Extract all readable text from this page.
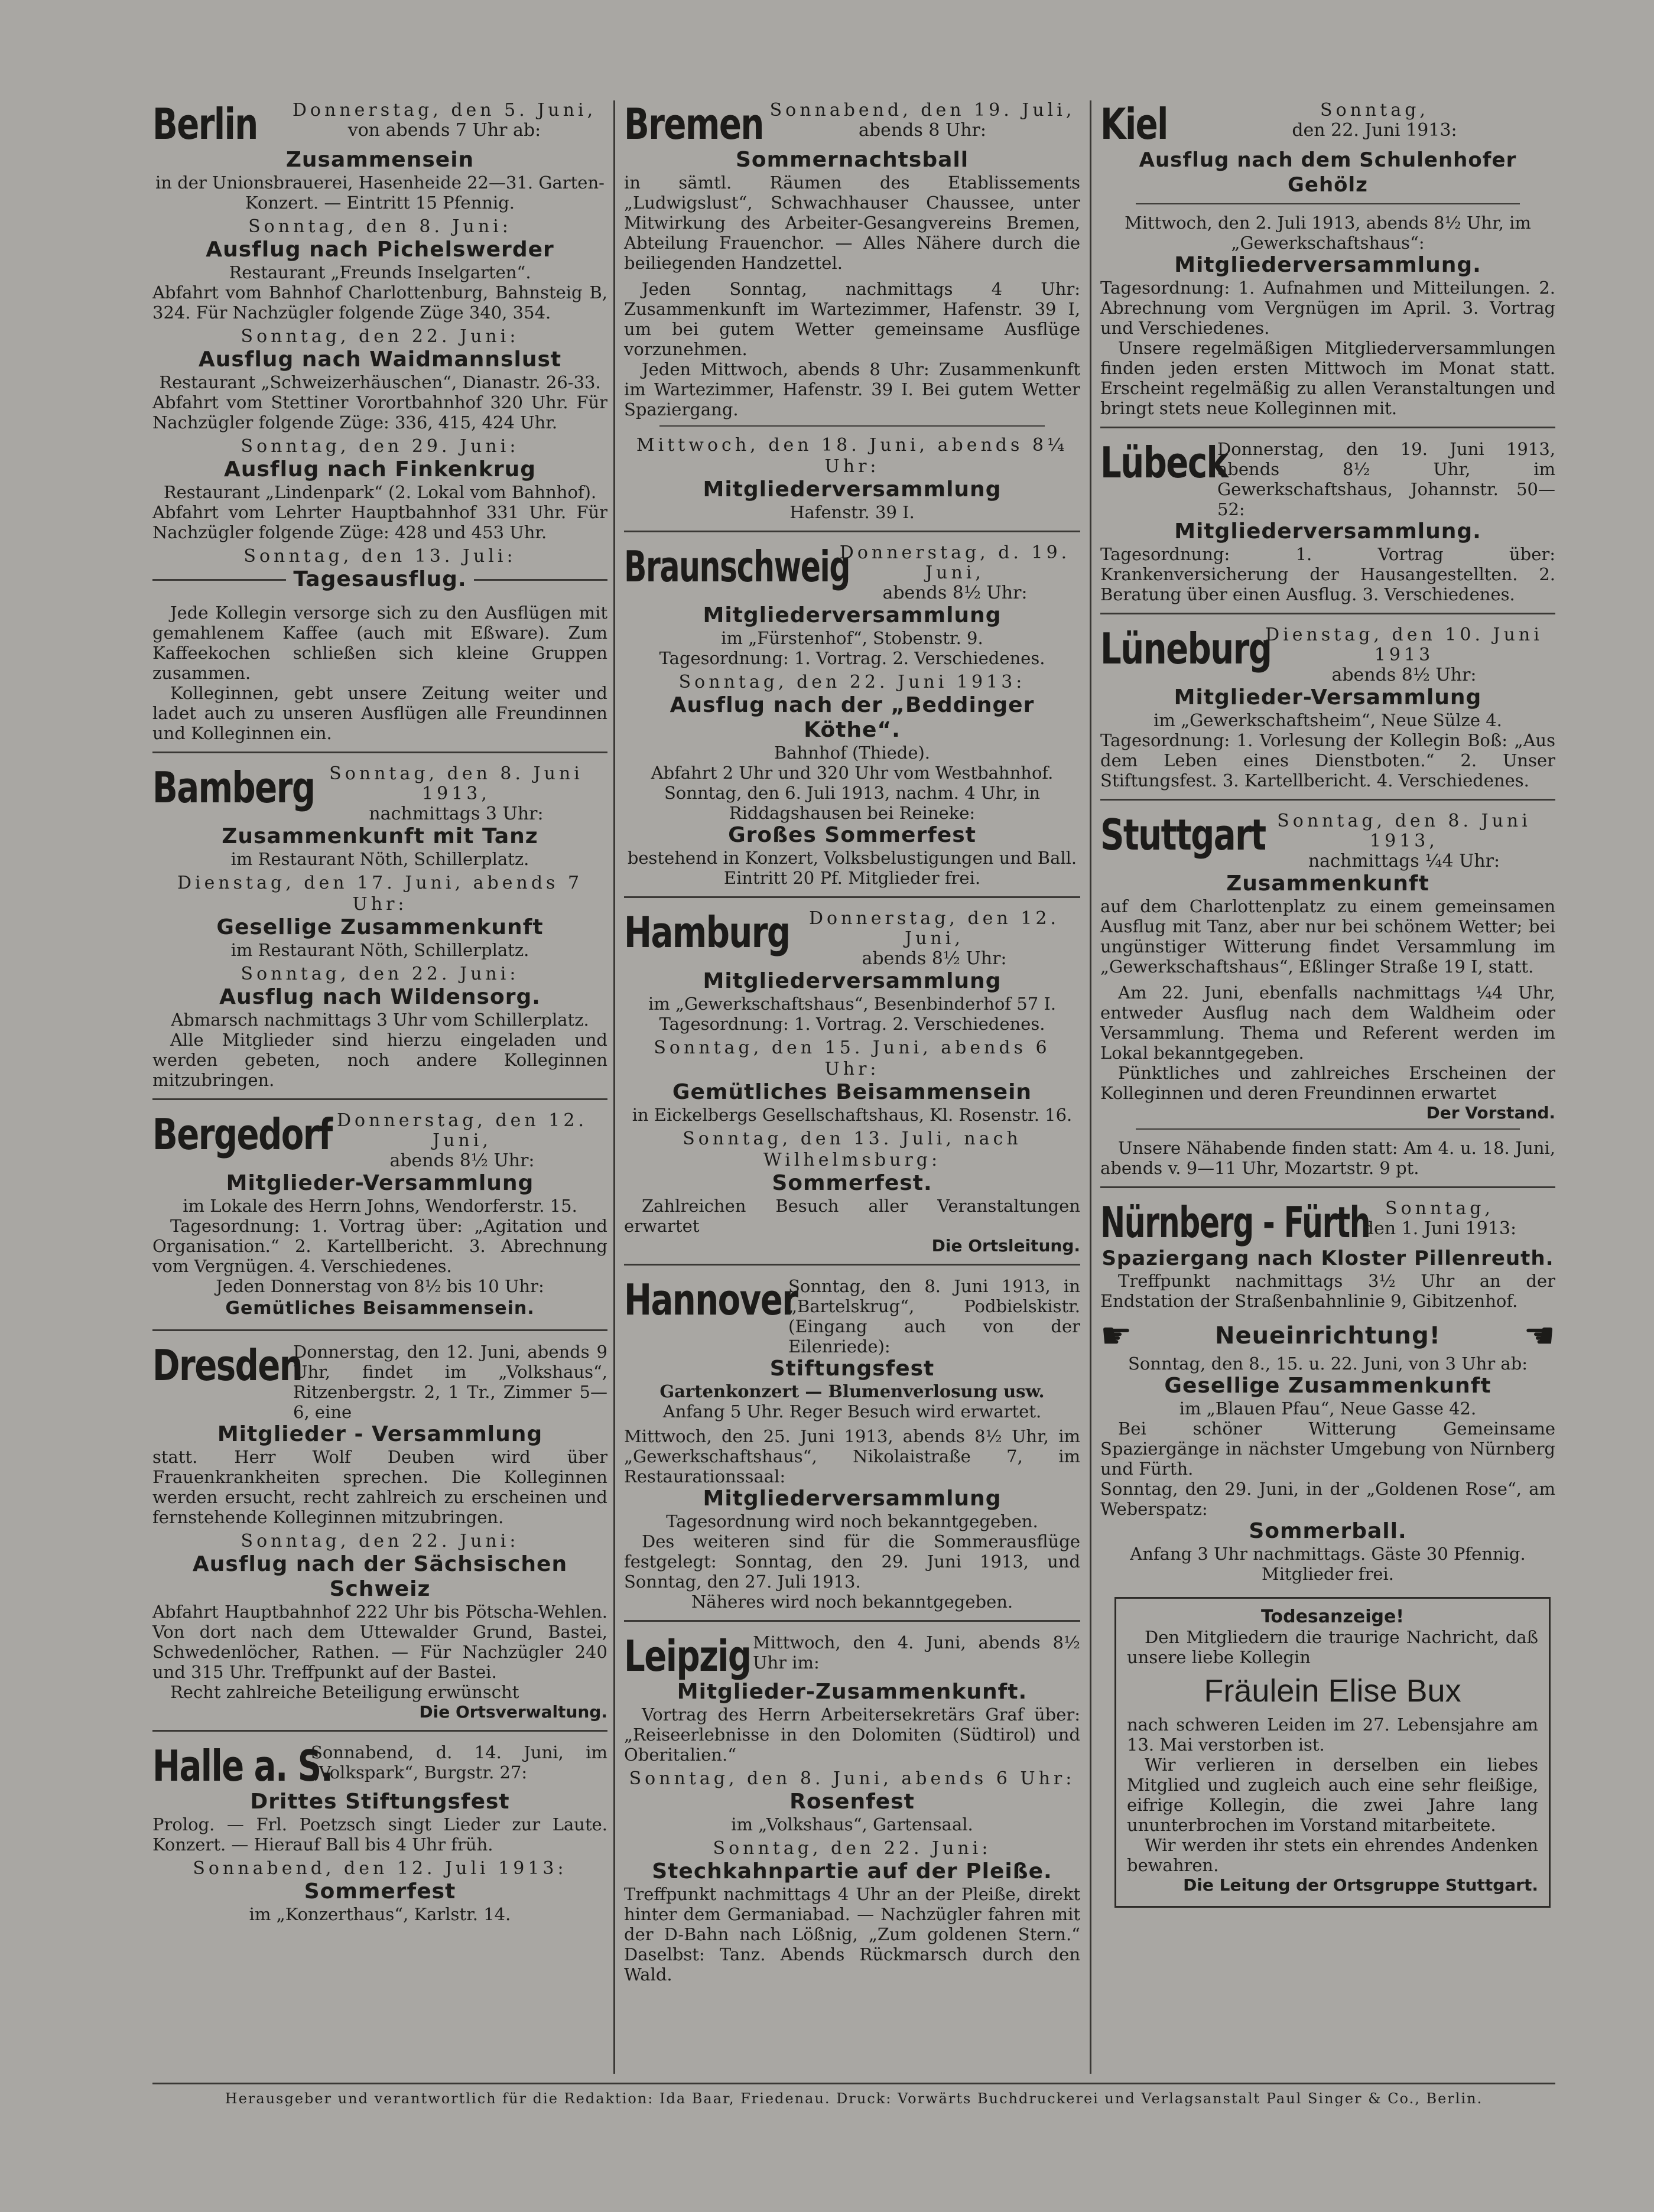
Berlin	Donnerstag, den 5. Juni,
von abends 7 Uhr ab:
Zusammensein
in der Unionsbrauerei, Hasenheide 22—31. Garten-Konzert. — Eintritt 15 Pfennig.
Sonntag, den 8. Juni:
Ausflug nach Pichelswerder
Restaurant „Freunds Inselgarten“.
Abfahrt vom Bahnhof Charlottenburg, Bahnsteig B, 324. Für Nachzügler folgende Züge 340, 354.
Sonntag, den 22. Juni:
Ausflug nach Waidmannslust
Restaurant „Schweizerhäuschen“, Dianastr. 26-33.
Abfahrt vom Stettiner Vorortbahnhof 320 Uhr. Für Nachzügler folgende Züge: 336, 415, 424 Uhr.
Sonntag, den 29. Juni:
Ausflug nach Finkenkrug
Restaurant „Lindenpark“ (2. Lokal vom Bahnhof).
Abfahrt vom Lehrter Hauptbahnhof 331 Uhr. Für Nachzügler folgende Züge: 428 und 453 Uhr.
Sonntag, den 13. Juli:
Tagesausflug.
Jede Kollegin versorge sich zu den Ausflügen mit gemahlenem Kaffee (auch mit Eßware). Zum Kaffeekochen schließen sich kleine Gruppen zusammen.
Kolleginnen, gebt unsere Zeitung weiter und ladet auch zu unseren Ausflügen alle Freundinnen und Kolleginnen ein.
Bamberg Sonntag, den 8. Juni 1913,
nachmittags 3 Uhr:
Zusammenkunft mit Tanz
im Restaurant Nöth, Schillerplatz.
Dienstag, den 17. Juni, abends 7 Uhr:
Gesellige Zusammenkunft
im Restaurant Nöth, Schillerplatz.
Sonntag, den 22. Juni:
Ausflug nach Wildensorg.
Abmarsch nachmittags 3 Uhr vom Schillerplatz.
Alle Mitglieder sind hierzu eingeladen und werden gebeten, noch andere Kolleginnen mitzubringen.
Bergedorf Donnerstag, den 12. Juni,
abends 8½ Uhr:
Mitglieder-Versammlung
im Lokale des Herrn Johns, Wendorferstr. 15.
Tagesordnung: 1. Vortrag über: „Agitation und Organisation.“ 2. Kartellbericht. 3. Abrechnung vom Vergnügen. 4. Verschiedenes.
Jeden Donnerstag von 8½ bis 10 Uhr:
Gemütliches Beisammensein.
Dresden
Donnerstag, den 12. Juni, abends 9 Uhr, findet im „Volkshaus“, Ritzenbergstr. 2, 1 Tr., Zimmer 5—6, eine
Mitglieder - Versammlung
statt. Herr Wolf Deuben wird über Frauenkrankheiten sprechen. Die Kolleginnen werden ersucht, recht zahlreich zu erscheinen und fernstehende Kolleginnen mitzubringen.
Sonntag, den 22. Juni:
Ausflug nach der Sächsischen Schweiz
Abfahrt Hauptbahnhof 222 Uhr bis Pötscha-Wehlen. Von dort nach dem Uttewalder Grund, Bastei, Schwedenlöcher, Rathen. — Für Nachzügler 240 und 315 Uhr. Treffpunkt auf der Bastei.
Recht zahlreiche Beteiligung erwünscht
Die Ortsverwaltung.
Halle a. S.
Sonnabend, d. 14. Juni, im „Volkspark“, Burgstr. 27:
Drittes Stiftungsfest
Prolog. — Frl. Poetzsch singt Lieder zur Laute. Konzert. — Hierauf Ball bis 4 Uhr früh.
Sonnabend, den 12. Juli 1913:
Sommerfest
im „Konzerthaus“, Karlstr. 14.
Bremen Sonnabend, den 19. Juli,
abends 8 Uhr:
Sommernachtsball
in sämtl. Räumen des Etablissements „Ludwigslust“, Schwachhauser Chaussee, unter Mitwirkung des Arbeiter-Gesangvereins Bremen, Abteilung Frauenchor. — Alles Nähere durch die beiliegenden Handzettel.
Jeden Sonntag, nachmittags 4 Uhr: Zusammenkunft im Wartezimmer, Hafenstr. 39 I, um bei gutem Wetter gemeinsame Ausflüge vorzunehmen.
Jeden Mittwoch, abends 8 Uhr: Zusammenkunft im Wartezimmer, Hafenstr. 39 I. Bei gutem Wetter Spaziergang.
Mittwoch, den 18. Juni, abends 8¼ Uhr:
Mitgliederversammlung
Hafenstr. 39 I.
Braunschweig
Donnerstag, d. 19. Juni,
abends 8½ Uhr:
Mitgliederversammlung
im „Fürstenhof“, Stobenstr. 9.
Tagesordnung: 1. Vortrag. 2. Verschiedenes.
Sonntag, den 22. Juni 1913:
Ausflug nach der „Beddinger Köthe“.
Bahnhof (Thiede).
Abfahrt 2 Uhr und 320 Uhr vom Westbahnhof.
Sonntag, den 6. Juli 1913, nachm. 4 Uhr, in Riddagshausen bei Reineke:
Großes Sommerfest
bestehend in Konzert, Volksbelustigungen und Ball.
Eintritt 20 Pf. Mitglieder frei.
Hamburg	Donnerstag, den 12. Juni,
abends 8½ Uhr:
Mitgliederversammlung
im „Gewerkschaftshaus“, Besenbinderhof 57 I.
Tagesordnung: 1. Vortrag. 2. Verschiedenes.
Sonntag, den 15. Juni, abends 6 Uhr:
Gemütliches Beisammensein
in Eickelbergs Gesellschaftshaus, Kl. Rosenstr. 16.
Sonntag, den 13. Juli, nach Wilhelmsburg:
Sommerfest.
Zahlreichen Besuch aller Veranstaltungen erwartet
Die Ortsleitung.
Hannover
Sonntag, den 8. Juni 1913, in „Bartelskrug“, Podbielskistr. (Eingang auch von der Eilenriede):
Stiftungsfest
Gartenkonzert — Blumenverlosung usw.
Anfang 5 Uhr. Reger Besuch wird erwartet.
Mittwoch, den 25. Juni 1913, abends 8½ Uhr, im „Gewerkschaftshaus“, Nikolaistraße 7, im Restaurationssaal:
Mitgliederversammlung
Tagesordnung wird noch bekanntgegeben.
Des weiteren sind für die Sommerausflüge festgelegt: Sonntag, den 29. Juni 1913, und Sonntag, den 27. Juli 1913.
Näheres wird noch bekanntgegeben.
Leipzig Mittwoch, den 4. Juni, abends 8½ Uhr im:
Mitglieder-Zusammenkunft.
Vortrag des Herrn Arbeitersekretärs Graf über: „Reiseerlebnisse in den Dolomiten (Südtirol) und Oberitalien.“
Sonntag, den 8. Juni, abends 6 Uhr:
Rosenfest
im „Volkshaus“, Gartensaal.
Sonntag, den 22. Juni:
Stechkahnpartie auf der Pleiße.
Treffpunkt nachmittags 4 Uhr an der Pleiße, direkt hinter dem Germaniabad. — Nachzügler fahren mit der D-Bahn nach Lößnig, „Zum goldenen Stern.“ Daselbst: Tanz. Abends Rückmarsch durch den Wald.
Kiel	Sonntag,
den 22. Juni 1913:
Ausflug nach dem Schulenhofer Gehölz
Mittwoch, den 2. Juli 1913, abends 8½ Uhr, im „Gewerkschaftshaus“:
Mitgliederversammlung.
Tagesordnung: 1. Aufnahmen und Mitteilungen. 2. Abrechnung vom Vergnügen im April. 3. Vortrag und Verschiedenes.
Unsere regelmäßigen Mitgliederversammlungen finden jeden ersten Mittwoch im Monat statt. Erscheint regelmäßig zu allen Veranstaltungen und bringt stets neue Kolleginnen mit.
Lübeck
Donnerstag, den 19. Juni 1913, abends 8½ Uhr, im Gewerkschaftshaus, Johannstr. 50—52:
Mitgliederversammlung.
Tagesordnung: 1. Vortrag über: Krankenversicherung der Hausangestellten. 2. Beratung über einen Ausflug. 3. Verschiedenes.
Lüneburg
Dienstag, den 10. Juni 1913
abends 8½ Uhr:
Mitglieder-Versammlung
im „Gewerkschaftsheim“, Neue Sülze 4.
Tagesordnung: 1. Vorlesung der Kollegin Boß: „Aus dem Leben eines Dienstboten.“ 2. Unser Stiftungsfest. 3. Kartellbericht. 4. Verschiedenes.
Stuttgart Sonntag, den 8. Juni 1913,
nachmittags ¼4 Uhr:
Zusammenkunft
auf dem Charlottenplatz zu einem gemeinsamen Ausflug mit Tanz, aber nur bei schönem Wetter; bei ungünstiger Witterung findet Versammlung im „Gewerkschaftshaus“, Eßlinger Straße 19 I, statt.
Am 22. Juni, ebenfalls nachmittags ¼4 Uhr, entweder Ausflug nach dem Waldheim oder Versammlung. Thema und Referent werden im Lokal bekanntgegeben.
Pünktliches und zahlreiches Erscheinen der Kolleginnen und deren Freundinnen erwartet
Der Vorstand.
Unsere Nähabende finden statt: Am 4. u. 18. Juni, abends v. 9—11 Uhr, Mozartstr. 9 pt.
Nürnberg - Fürth Sonntag,
den 1. Juni 1913:
Spaziergang nach Kloster Pillenreuth.
Treffpunkt nachmittags 3½ Uhr an der Endstation der Straßenbahnlinie 9, Gibitzenhof.
☛	Neueinrichtung! ☚
Sonntag, den 8., 15. u. 22. Juni, von 3 Uhr ab:
Gesellige Zusammenkunft
im „Blauen Pfau“, Neue Gasse 42.
Bei schöner Witterung Gemeinsame Spaziergänge in nächster Umgebung von Nürnberg und Fürth.
Sonntag, den 29. Juni, in der „Goldenen Rose“, am Weberspatz:
Sommerball.
Anfang 3 Uhr nachmittags. Gäste 30 Pfennig.
Mitglieder frei.
Todesanzeige!
Den Mitgliedern die traurige Nachricht, daß unsere liebe Kollegin
Fräulein Elise Bux
nach schweren Leiden im 27. Lebensjahre am 13. Mai verstorben ist.
Wir verlieren in derselben ein liebes Mitglied und zugleich auch eine sehr fleißige, eifrige Kollegin, die zwei Jahre lang ununterbrochen im Vorstand mitarbeitete.
Wir werden ihr stets ein ehrendes Andenken bewahren.
Die Leitung der Ortsgruppe Stuttgart.
Herausgeber und verantwortlich für die Redaktion: Ida Baar, Friedenau. Druck: Vorwärts Buchdruckerei und Verlagsanstalt Paul Singer & Co., Berlin.
